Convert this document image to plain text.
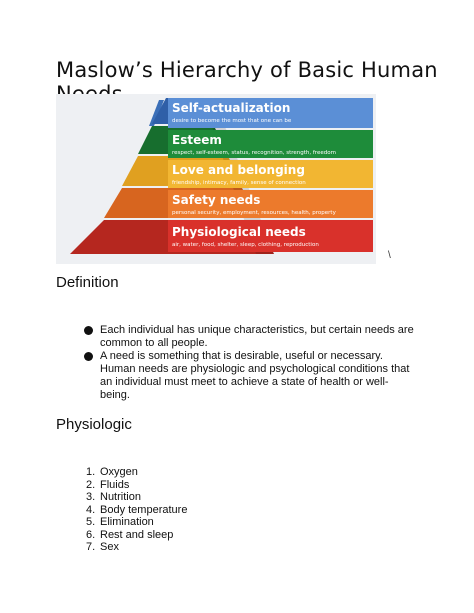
Maslow’s Hierarchy of Basic Human
Self-actualization
desire to become the most that one can be
Esteem
respect, self-esteem, status, recognition, strength, freedom
Love and belonging
friendship, intimacy, family, sense of connection
Safety needs
personal security, employment, resources, health, property
Physiological needs
air, water, food, shelter, sleep, clothing, reproduction
\
Definition
Each individual has unique characteristics, but certain needs are common to all people.
A need is something that is desirable, useful or necessary. Human needs are physiologic and psychological conditions that an individual must meet to achieve a state of health or well-being.
Physiologic
1. Oxygen
2. Fluids
3. Nutrition
4. Body temperature
5. Elimination
6. Rest and sleep
7. Sex
